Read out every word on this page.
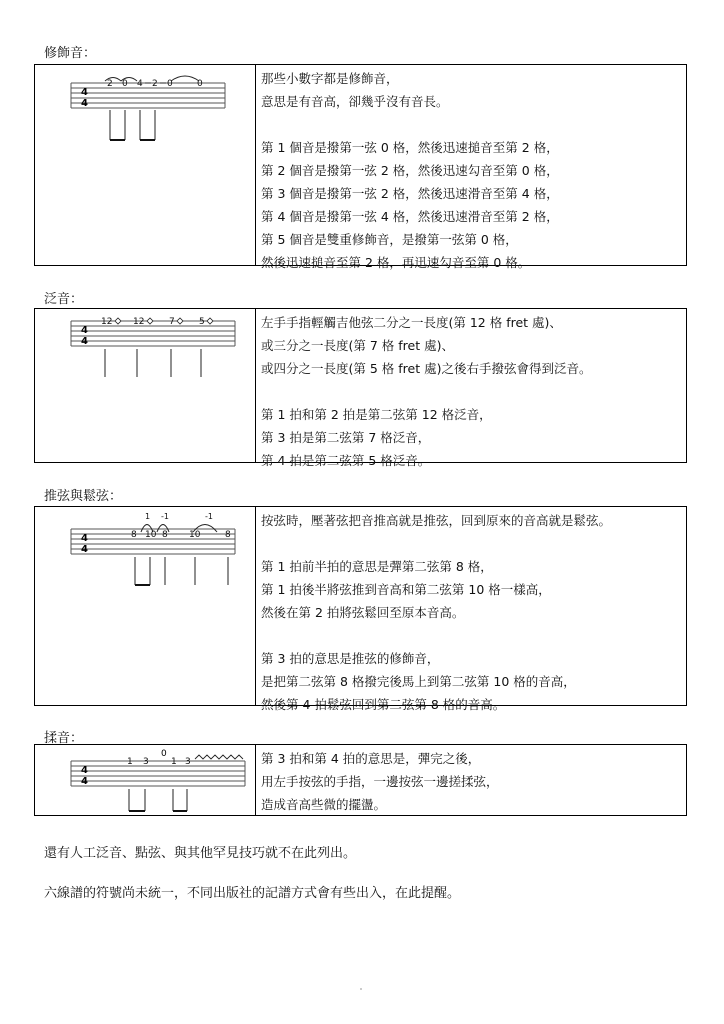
修飾音：
4
4
2 0 4 2 0	0	那些小數字都是修飾音，
意思是有音高，卻幾乎沒有音長。
第 1 個音是撥第一弦 0 格，然後迅速搥音至第 2 格，
第 2 個音是撥第一弦 2 格，然後迅速勾音至第 0 格，
第 3 個音是撥第一弦 2 格，然後迅速滑音至第 4 格，
第 4 個音是撥第一弦 4 格，然後迅速滑音至第 2 格，
第 5 個音是雙重修飾音，是撥第一弦第 0 格，
然後迅速搥音至第 2 格，再迅速勾音至第 0 格。
泛音：
4
4
12 12	7	5	左手手指輕觸吉他弦二分之一長度(第 12 格 fret 處)、
或三分之一長度(第 7 格 fret 處)、
或四分之一長度(第 5 格 fret 處)之後右手撥弦會得到泛音。
第 1 拍和第 2 拍是第二弦第 12 格泛音，
第 3 拍是第二弦第 7 格泛音，
第 4 拍是第二弦第 5 格泛音。
推弦與鬆弦：
1 -1	-1
4
4
8 10 8 10	8
按弦時，壓著弦把音推高就是推弦，回到原來的音高就是鬆弦。
第 1 拍前半拍的意思是彈第二弦第 8 格，
第 1 拍後半將弦推到音高和第二弦第 10 格一樣高，
然後在第 2 拍將弦鬆回至原本音高。
第 3 拍的意思是推弦的修飾音，
是把第二弦第 8 格撥完後馬上到第二弦第 10 格的音高，
然後第 4 拍鬆弦回到第二弦第 8 格的音高。
揉音：
0
4
4
1 3 1 3	第 3 拍和第 4 拍的意思是，彈完之後，
用左手按弦的手指，一邊按弦一邊搓揉弦，
造成音高些微的擺盪。
還有人工泛音、點弦、與其他罕見技巧就不在此列出。
六線譜的符號尚未統一，不同出版社的記譜方式會有些出入，在此提醒。
